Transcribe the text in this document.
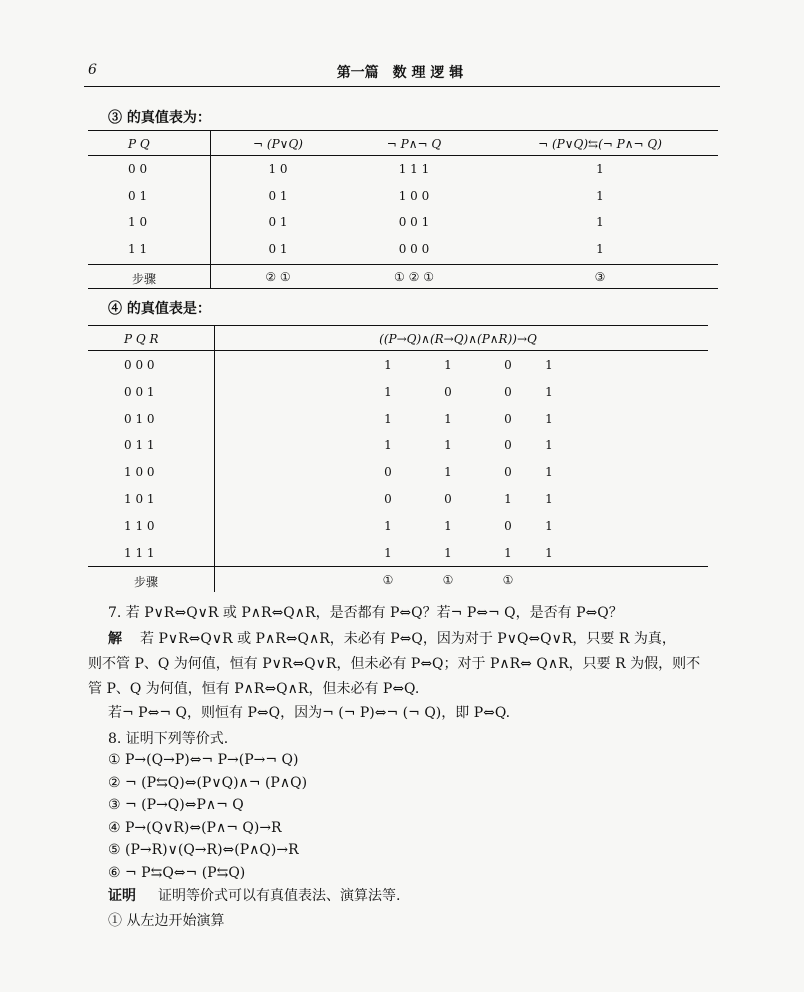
6	第一篇　数 理 逻 辑
③ 的真值表为：
P Q	¬ (P∨Q)	¬ P∧¬ Q	¬ (P∨Q)⇆(¬ P∧¬ Q)
0 0	1 0	1 1 1	1
0 1	0 1	1 0 0	1
1 0	0 1	0 0 1	1
1 1	0 1	0 0 0	1
步骤	② ①	① ② ①	③
④ 的真值表是：
P Q R	((P→Q)∧(R→Q)∧(P∧R))→Q
0 0 0	1	1	0	1
0 0 1	1	0	0	1
0 1 0	1	1	0	1
0 1 1	1	1	0	1
1 0 0	0	1	0	1
1 0 1	0	0	1	1
1 1 0	1	1	0	1
1 1 1	1	1	1	1
步骤	①	①	①
7. 若 P∨R⇔Q∨R 或 P∧R⇔Q∧R，是否都有 P⇔Q？若¬ P⇔¬ Q，是否有 P⇔Q？
解 若 P∨R⇔Q∨R 或 P∧R⇔Q∧R，未必有 P⇔Q，因为对于 P∨Q⇔Q∨R，只要 R 为真，
则不管 P、Q 为何值，恒有 P∨R⇔Q∨R，但未必有 P⇔Q；对于 P∧R⇔ Q∧R，只要 R 为假，则不
管 P、Q 为何值，恒有 P∧R⇔Q∧R，但未必有 P⇔Q.
若¬ P⇔¬ Q，则恒有 P⇔Q，因为¬ (¬ P)⇔¬ (¬ Q)，即 P⇔Q.
8. 证明下列等价式.
① P→(Q→P)⇔¬ P→(P→¬ Q)
② ¬ (P⇆Q)⇔(P∨Q)∧¬ (P∧Q)
③ ¬ (P→Q)⇔P∧¬ Q
④ P→(Q∨R)⇔(P∧¬ Q)→R
⑤ (P→R)∨(Q→R)⇔(P∧Q)→R
⑥ ¬ P⇆Q⇔¬ (P⇆Q)
证明 证明等价式可以有真值表法、演算法等.
① 从左边开始演算
